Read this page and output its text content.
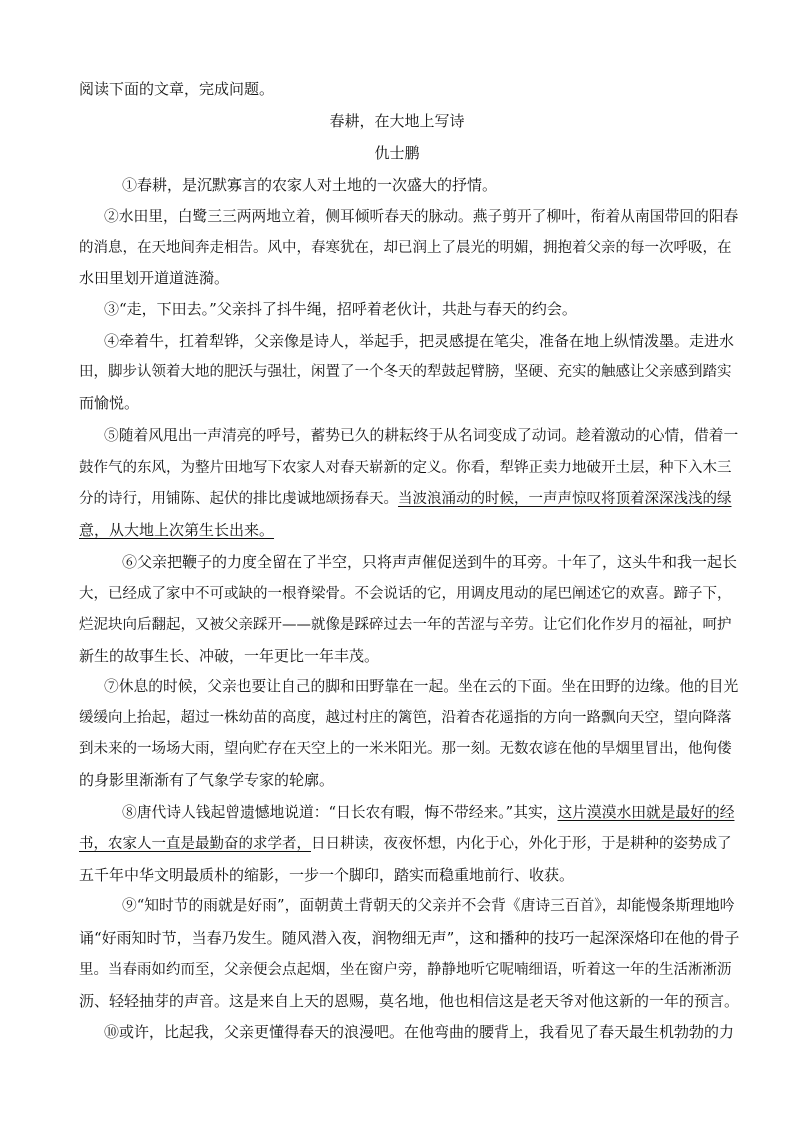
阅读下面的文章，完成问题。
春耕，在大地上写诗
仇士鹏
①春耕，是沉默寡言的农家人对土地的一次盛大的抒情。
②水田里，白鹭三三两两地立着，侧耳倾听春天的脉动。燕子剪开了柳叶，衔着从南国带回的阳春
的消息，在天地间奔走相告。风中，春寒犹在，却已润上了晨光的明媚，拥抱着父亲的每一次呼吸，在
水田里划开道道涟漪。
③“走，下田去。”父亲抖了抖牛绳，招呼着老伙计，共赴与春天的约会。
④牵着牛，扛着犁铧，父亲像是诗人，举起手，把灵感提在笔尖，准备在地上纵情泼墨。走进水
田，脚步认领着大地的肥沃与强壮，闲置了一个冬天的犁鼓起臂膀，坚硬、充实的触感让父亲感到踏实
而愉悦。
⑤随着风甩出一声清亮的呼号，蓄势已久的耕耘终于从名词变成了动词。趁着激动的心情，借着一
鼓作气的东风，为整片田地写下农家人对春天崭新的定义。你看，犁铧正卖力地破开土层，种下入木三
分的诗行，用铺陈、起伏的排比虔诚地颂扬春天。当波浪涌动的时候，一声声惊叹将顶着深深浅浅的绿
意，从大地上次第生长出来。
⑥父亲把鞭子的力度全留在了半空，只将声声催促送到牛的耳旁。十年了，这头牛和我一起长
大，已经成了家中不可或缺的一根脊梁骨。不会说话的它，用调皮甩动的尾巴阐述它的欢喜。蹄子下，
烂泥块向后翻起，又被父亲踩开——就像是踩碎过去一年的苦涩与辛劳。让它们化作岁月的福祉，呵护
新生的故事生长、冲破，一年更比一年丰茂。
⑦休息的时候，父亲也要让自己的脚和田野靠在一起。坐在云的下面。坐在田野的边缘。他的目光
缓缓向上抬起，超过一株幼苗的高度，越过村庄的篱笆，沿着杏花遥指的方向一路飘向天空，望向降落
到未来的一场场大雨，望向贮存在天空上的一米米阳光。那一刻。无数农谚在他的旱烟里冒出，他佝偻
的身影里渐渐有了气象学专家的轮廓。
⑧唐代诗人钱起曾遗憾地说道：“日长农有暇，悔不带经来。”其实，这片漠漠水田就是最好的经
书，农家人一直是最勤奋的求学者，日日耕读，夜夜怀想，内化于心，外化于形，于是耕种的姿势成了
五千年中华文明最质朴的缩影，一步一个脚印，踏实而稳重地前行、收获。
⑨“知时节的雨就是好雨”，面朝黄土背朝天的父亲并不会背《唐诗三百首》，却能慢条斯理地吟
诵“好雨知时节，当春乃发生。随风潜入夜，润物细无声”，这和播种的技巧一起深深烙印在他的骨子
里。当春雨如约而至，父亲便会点起烟，坐在窗户旁，静静地听它呢喃细语，听着这一年的生活淅淅沥
沥、轻轻抽芽的声音。这是来自上天的恩赐，莫名地，他也相信这是老天爷对他这新的一年的预言。
⑩或许，比起我，父亲更懂得春天的浪漫吧。在他弯曲的腰背上，我看见了春天最生机勃勃的力
